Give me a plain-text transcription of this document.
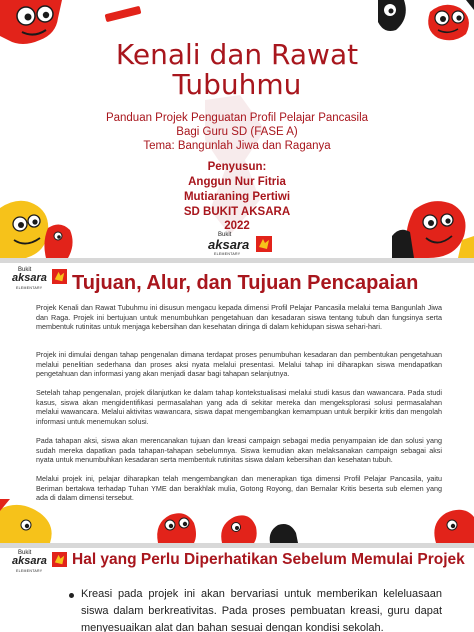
Kenali dan Rawat
Tubuhmu
Panduan Projek Penguatan Profil Pelajar Pancasila
Bagi Guru SD (FASE A)
Tema: Bangunlah Jiwa dan Raganya
Penyusun:
Anggun Nur Fitria
Mutiaraning Pertiwi
SD BUKIT AKSARA
2022
Bukit
aksara
ELEMENTARY
Bukit
aksara
ELEMENTARY Tujuan, Alur, dan Tujuan Pencapaian

Projek Kenali dan Rawat Tubuhmu ini disusun mengacu kepada dimensi Profil Pelajar Pancasila melalui tema Bangunlah Jiwa dan Raga. Projek ini bertujuan untuk menumbuhkan pengetahuan dan kesadaran siswa tentang tubuh dan fungsinya serta membentuk rutinitas untuk menjaga kebersihan dan kesehatan diringa di dalam kehidupan siswa sehari-hari.

Projek ini dimulai dengan tahap pengenalan dimana terdapat proses penumbuhan kesadaran dan pembentukan pengetahuan melalui penelitian sederhana dan proses aksi nyata melalui presentasi. Melalui tahap ini diharapkan siswa mendapatkan pengetahuan dan informasi yang akan menjadi dasar bagi tahapan selanjutnya.

Setelah tahap pengenalan, projek dilanjutkan ke dalam tahap kontekstualisasi melalui studi kasus dan wawancara. Pada studi kasus, siswa akan mengidentifikasi permasalahan yang ada di sekitar mereka dan mengeksplorasi solusi permasalahan melalui wawancara. Melalui aktivitas wawancara, siswa dapat mengembangkan kemampuan untuk berpikir kritis dan mengolah informasi untuk menemukan solusi.

Pada tahapan aksi, siswa akan merencanakan tujuan dan kreasi campaign sebagai media penyampaian ide dan solusi yang sudah mereka dapatkan pada tahapan-tahapan sebelumnya. Siswa kemudian akan melaksanakan campaign sebagai aksi nyata untuk menumbuhkan kesadaran serta membentuk rutinitas siswa dalam kebersihan dan kesehatan tubuh.

Melalui projek ini, pelajar diharapkan telah mengembangkan dan menerapkan tiga dimensi Profil Pelajar Pancasila, yaitu Beriman bertakwa terhadap Tuhan YME dan berakhlak mulia, Gotong Royong, dan Bernalar Kritis beserta sub elemen yang ada di dalam dimensi tersebut.

Bukit
aksara
ELEMENTARY
Hal yang Perlu Diperhatikan Sebelum Memulai Projek

Kreasi pada projek ini akan bervariasi untuk memberikan keleluasaan siswa dalam berkreativitas. Pada proses pembuatan kreasi, guru dapat menyesuaikan alat dan bahan sesuai dengan kondisi sekolah.
